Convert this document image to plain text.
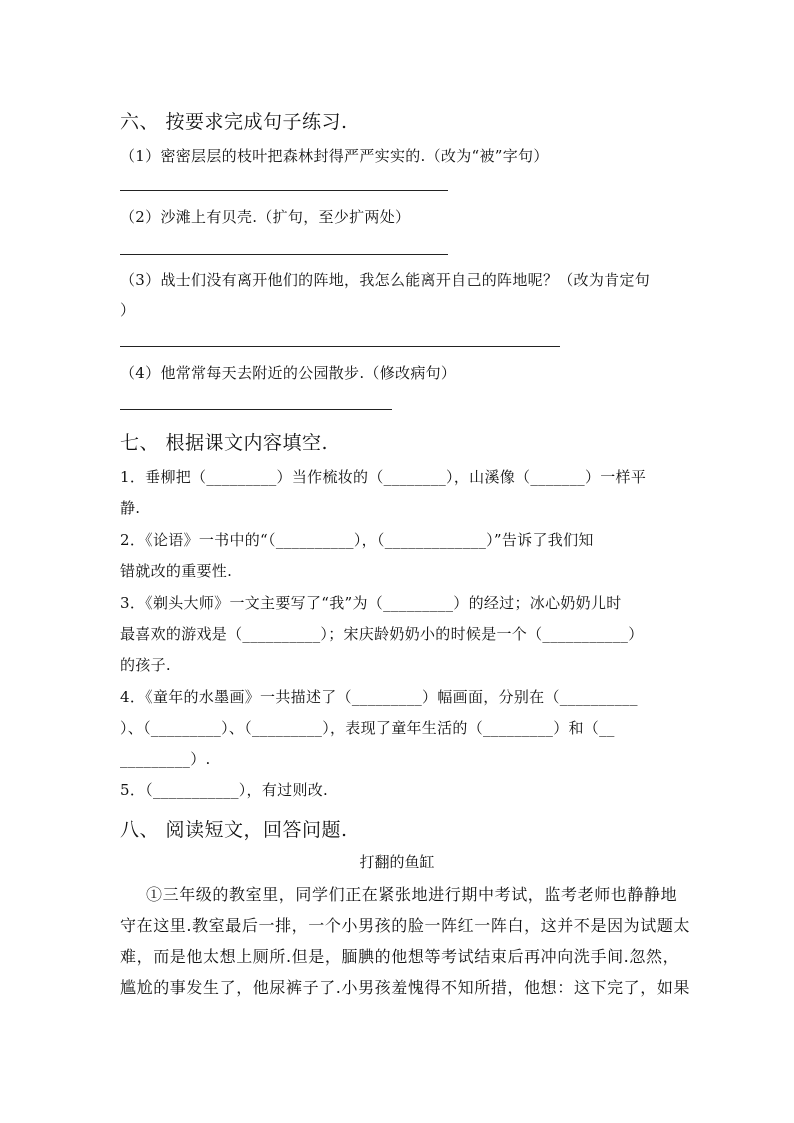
六、 按要求完成句子练习.
（1）密密层层的枝叶把森林封得严严实实的.（改为“被”字句）
（2）沙滩上有贝壳.（扩句，至少扩两处）
（3）战士们没有离开他们的阵地，我怎么能离开自己的阵地呢？（改为肯定句
）
（4）他常常每天去附近的公园散步.（修改病句）
七、 根据课文内容填空.
1．垂柳把（_________）当作梳妆的（________），山溪像（_______）一样平
静.
2．《论语》一书中的“（__________），（_____________）”告诉了我们知
错就改的重要性.
3．《剃头大师》一文主要写了“我”为（_________）的经过；冰心奶奶儿时
最喜欢的游戏是（__________）；宋庆龄奶奶小的时候是一个（___________）
的孩子.
4．《童年的水墨画》一共描述了（_________）幅画面，分别在（__________
）、（_________）、（_________），表现了童年生活的（_________）和（__
_________）.
5．（___________），有过则改.
八、 阅读短文，回答问题.
打翻的鱼缸
①三年级的教室里，同学们正在紧张地进行期中考试，监考老师也静静地
守在这里.教室最后一排，一个小男孩的脸一阵红一阵白，这并不是因为试题太
难，而是他太想上厕所.但是，腼腆的他想等考试结束后再冲向洗手间.忽然，
尴尬的事发生了，他尿裤子了.小男孩羞愧得不知所措，他想：这下完了，如果
